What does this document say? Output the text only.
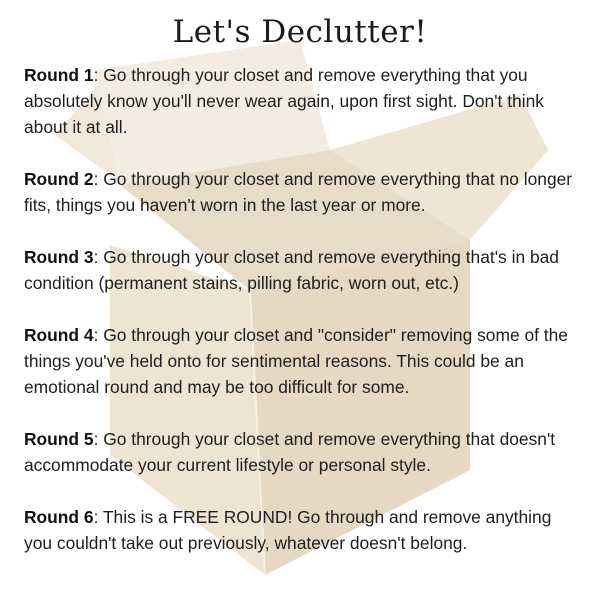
Let's Declutter!

Round 1: Go through your closet and remove everything that you absolutely know you'll never wear again, upon first sight. Don't think about it at all.

Round 2: Go through your closet and remove everything that no longer fits, things you haven't worn in the last year or more.

Round 3: Go through your closet and remove everything that's in bad condition (permanent stains, pilling fabric, worn out, etc.)

Round 4: Go through your closet and "consider" removing some of the things you've held onto for sentimental reasons. This could be an emotional round and may be too difficult for some.

Round 5: Go through your closet and remove everything that doesn't accommodate your current lifestyle or personal style.

Round 6: This is a FREE ROUND! Go through and remove anything you couldn't take out previously, whatever doesn't belong.
